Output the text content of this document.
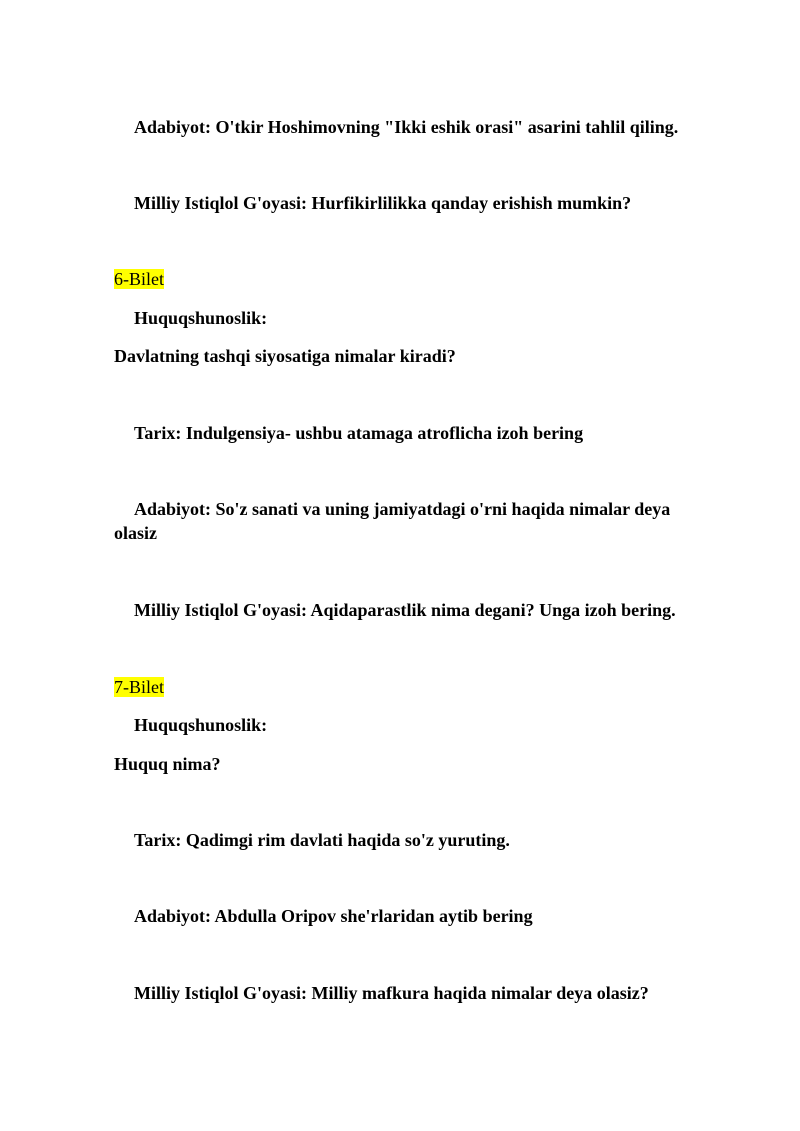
Adabiyot: O'tkir Hoshimovning "Ikki eshik orasi" asarini tahlil qiling.
Milliy Istiqlol G'oyasi: Hurfikirlilikka qanday erishish mumkin?
6-Bilet
Huquqshunoslik:
Davlatning tashqi siyosatiga nimalar kiradi?
Tarix: Indulgensiya- ushbu atamaga atroflicha izoh bering
Adabiyot: So'z sanati va uning jamiyatdagi o'rni haqida nimalar deya
olasiz
Milliy Istiqlol G'oyasi: Aqidaparastlik nima degani? Unga izoh bering.
7-Bilet
Huquqshunoslik:
Huquq nima?
Tarix: Qadimgi rim davlati haqida so'z yuruting.
Adabiyot: Abdulla Oripov she'rlaridan aytib bering
Milliy Istiqlol G'oyasi: Milliy mafkura haqida nimalar deya olasiz?
